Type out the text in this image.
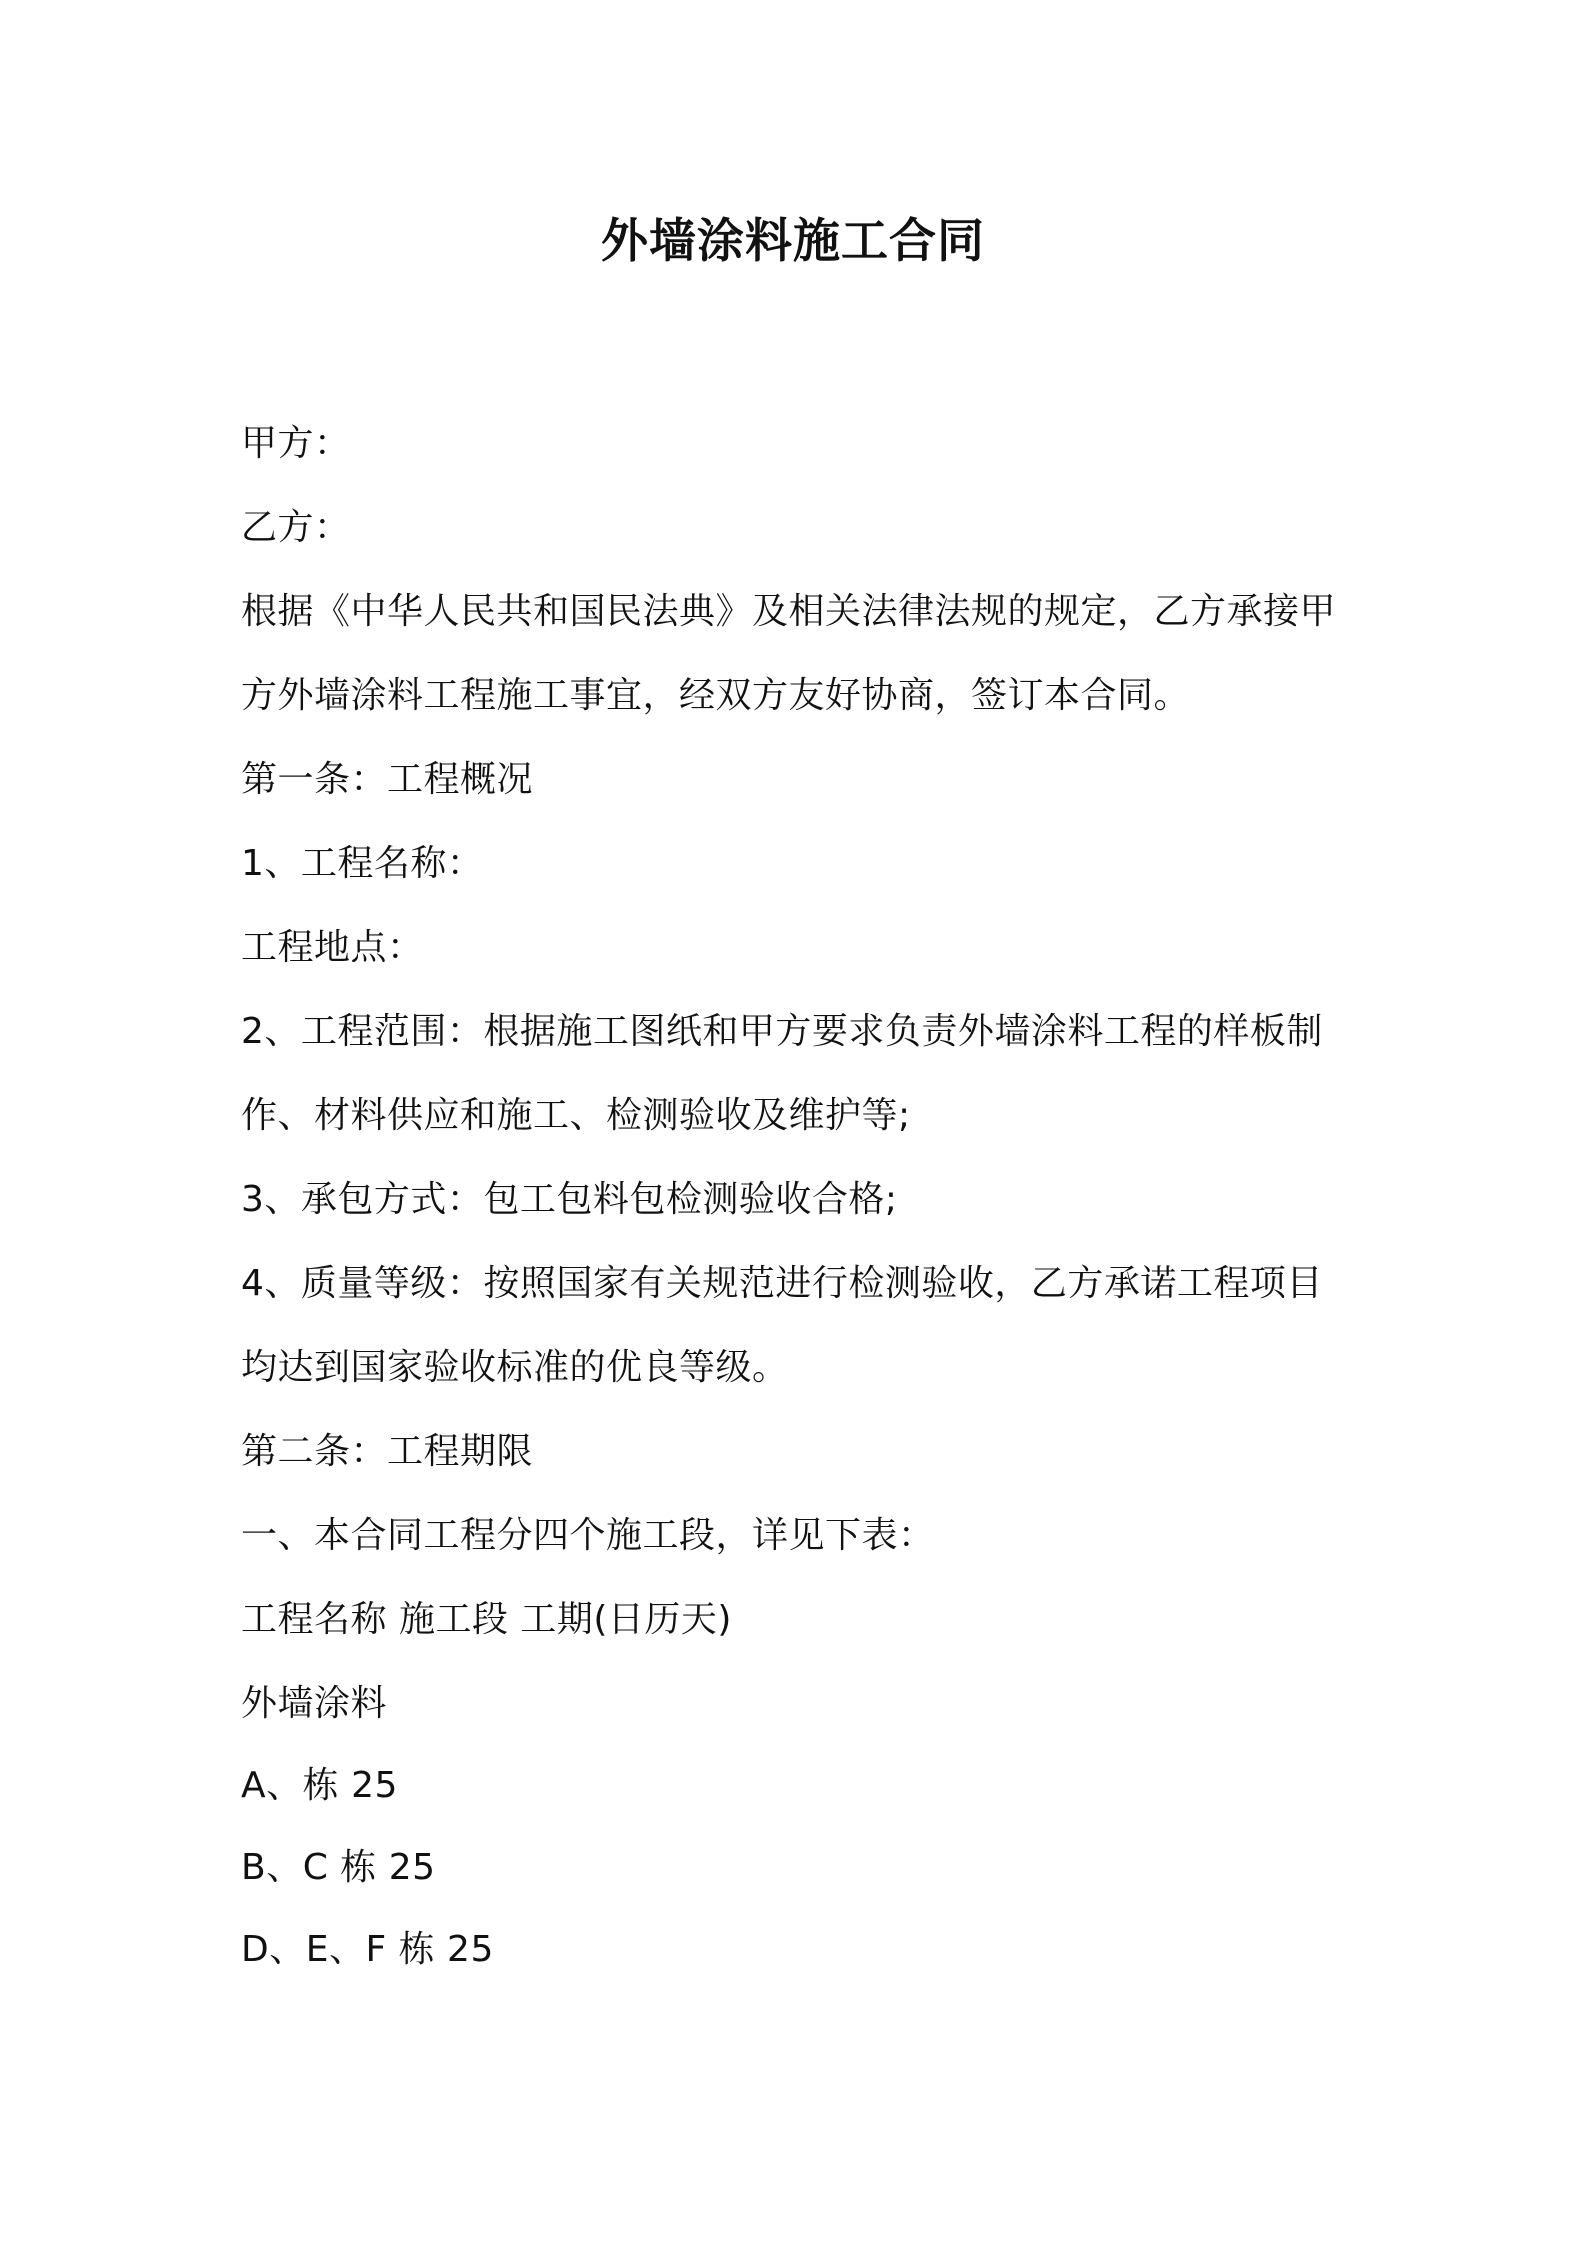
外墙涂料施工合同
甲方：
乙方：
根据《中华人民共和国民法典》及相关法律法规的规定，乙方承接甲
方外墙涂料工程施工事宜，经双方友好协商，签订本合同。
第一条：工程概况
1、工程名称：
工程地点：
2、工程范围：根据施工图纸和甲方要求负责外墙涂料工程的样板制
作、材料供应和施工、检测验收及维护等;
3、承包方式：包工包料包检测验收合格;
4、质量等级：按照国家有关规范进行检测验收，乙方承诺工程项目
均达到国家验收标准的优良等级。
第二条：工程期限
一、本合同工程分四个施工段，详见下表：
工程名称 施工段 工期(日历天)
外墙涂料
A、栋 25
B、C 栋 25
D、E、F 栋 25
